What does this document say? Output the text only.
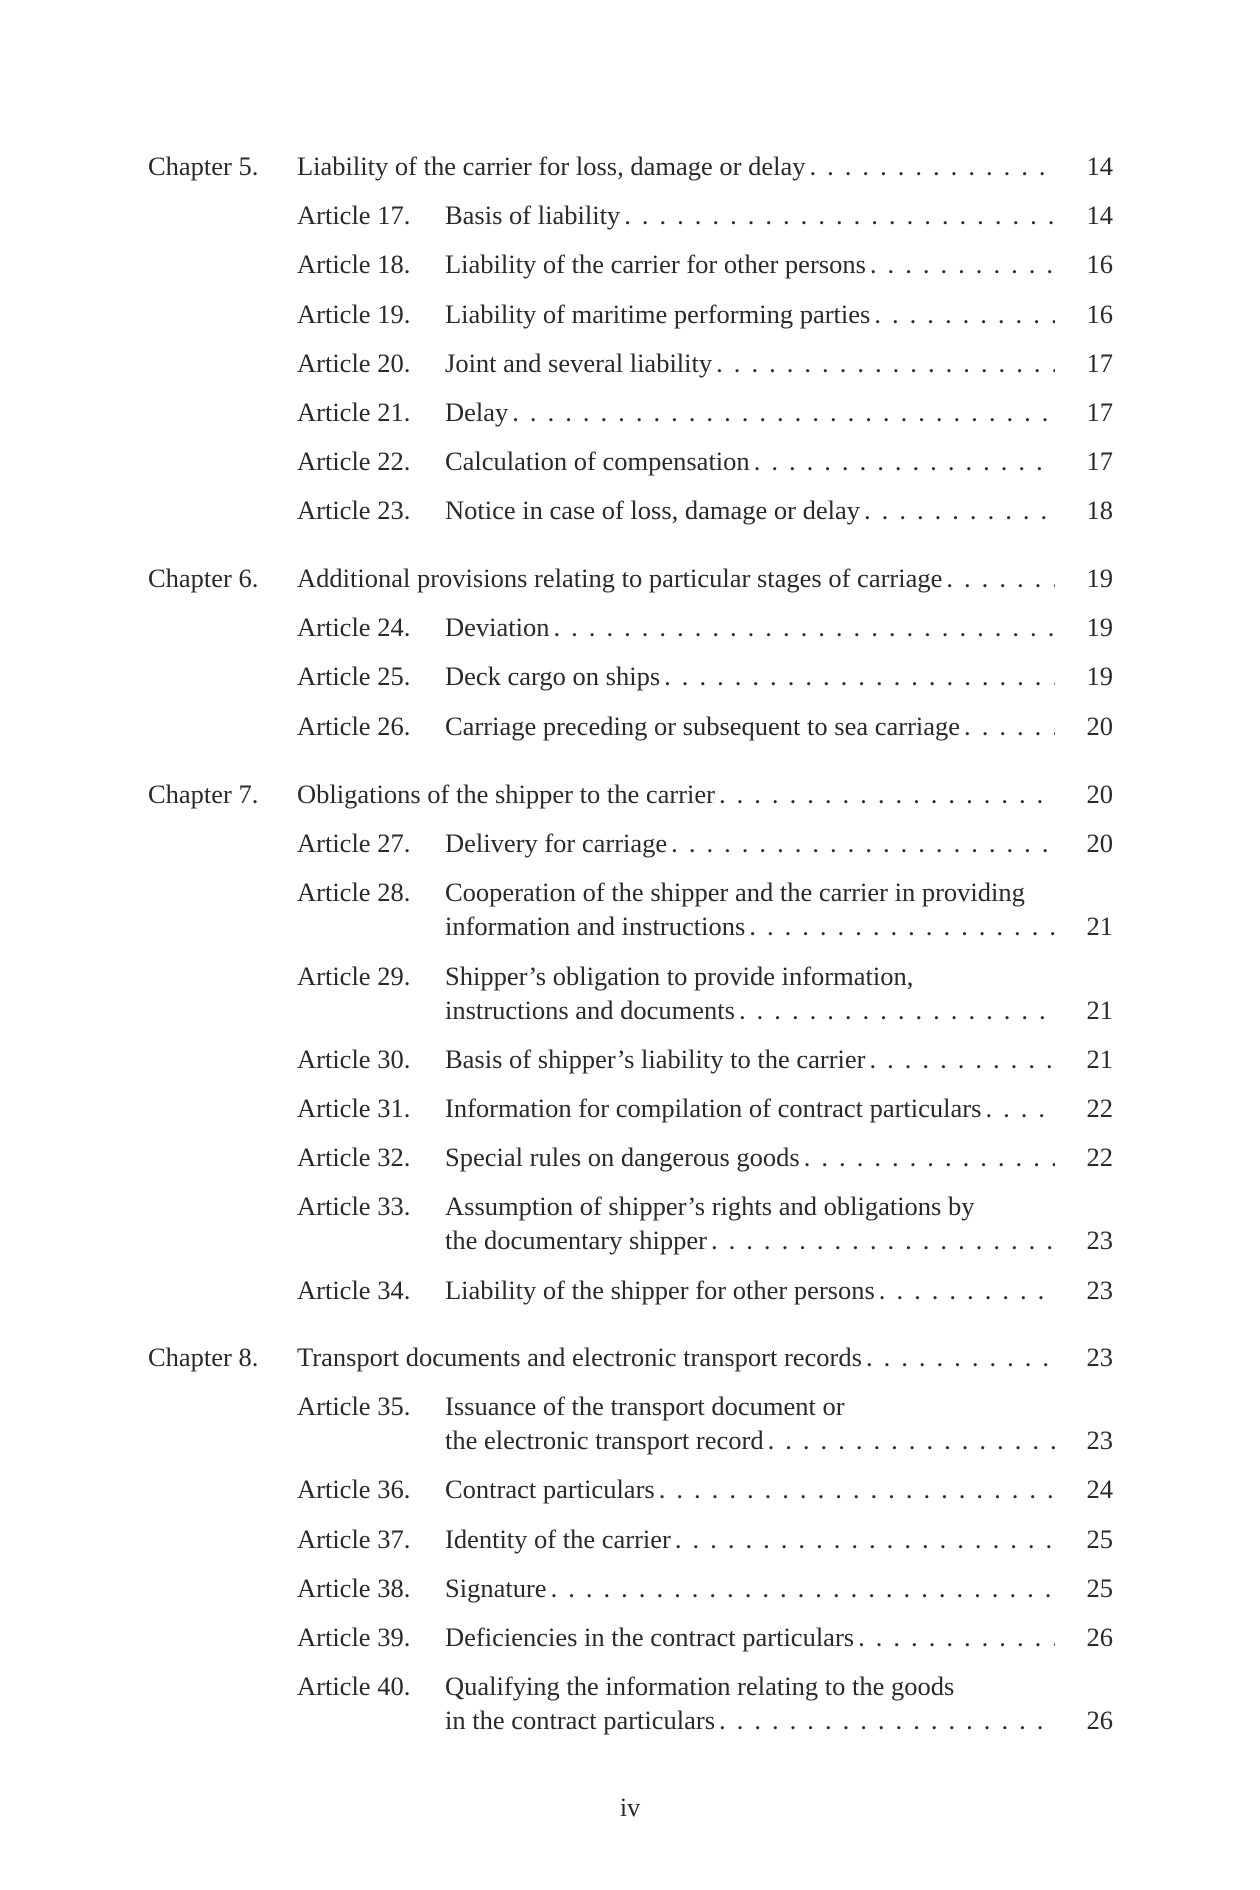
Chapter 5. Liability of the carrier for loss, damage or delay . . .	14
Article 17. Basis of liability . . .	14
Article 18. Liability of the carrier for other persons . . .	16
Article 19. Liability of maritime performing parties . . .	16
Article 20. Joint and several liability . . .	17
Article 21. Delay . . .	17
Article 22. Calculation of compensation . . .	17
Article 23. Notice in case of loss, damage or delay . . .	18
Chapter 6. Additional provisions relating to particular stages of carriage . . .	19
Article 24. Deviation . . .	19
Article 25. Deck cargo on ships . . .	19
Article 26. Carriage preceding or subsequent to sea carriage . . .	20
Chapter 7. Obligations of the shipper to the carrier . . .	20
Article 27. Delivery for carriage . . .	20
Article 28. Cooperation of the shipper and the carrier in providing
information and instructions . . .	21
Article 29. Shipper’s obligation to provide information,
instructions and documents . . .	21
Article 30. Basis of shipper’s liability to the carrier . . .	21
Article 31. Information for compilation of contract particulars . . .	22
Article 32. Special rules on dangerous goods . . .	22
Article 33. Assumption of shipper’s rights and obligations by
the documentary shipper . . .	23
Article 34. Liability of the shipper for other persons . . .	23
Chapter 8. Transport documents and electronic transport records . . .	23
Article 35. Issuance of the transport document or
the electronic transport record . . .	23
Article 36. Contract particulars . . .	24
Article 37. Identity of the carrier . . .	25
Article 38. Signature . . .	25
Article 39. Deficiencies in the contract particulars . . .	26
Article 40. Qualifying the information relating to the goods
in the contract particulars . . .	26
iv
